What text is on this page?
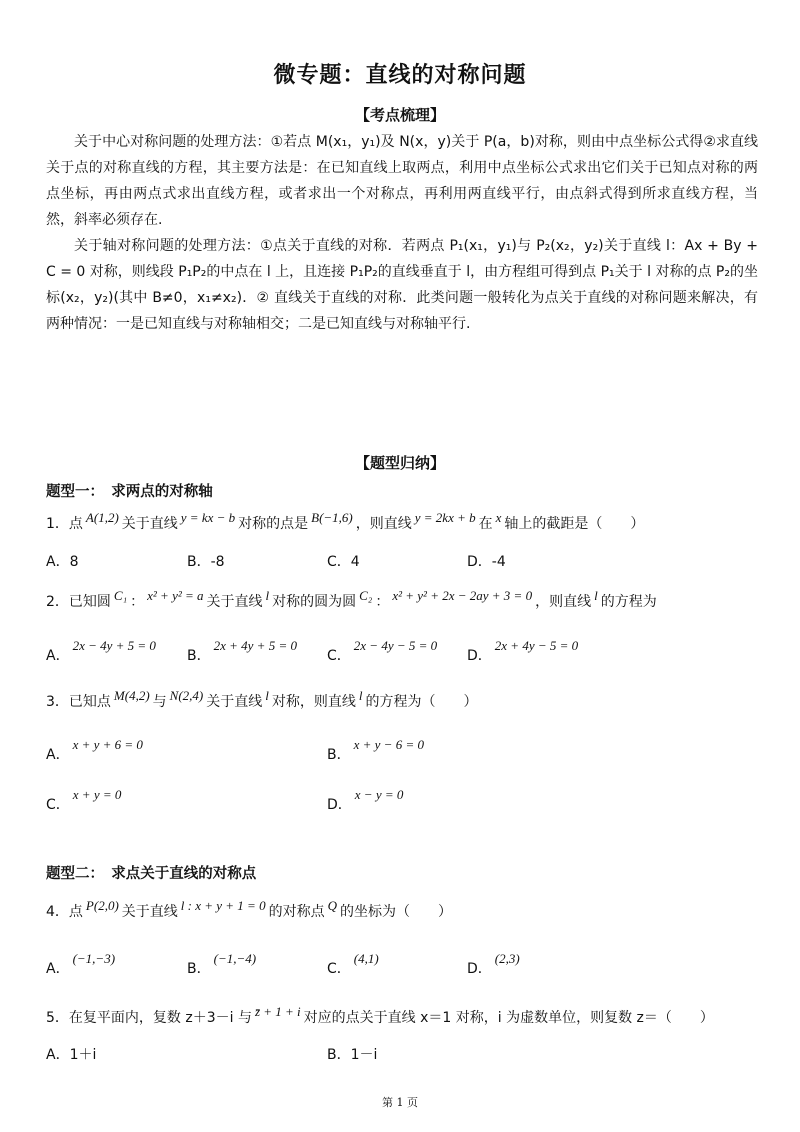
微专题：直线的对称问题
【考点梳理】

关于中心对称问题的处理方法：①若点 M(x₁，y₁)及 N(x，y)关于 P(a，b)对称，则由中点坐标公式得②求直线关于点的对称直线的方程，其主要方法是：在已知直线上取两点，利用中点坐标公式求出它们关于已知点对称的两点坐标，再由两点式求出直线方程，或者求出一个对称点，再利用两直线平行，由点斜式得到所求直线方程，当然，斜率必须存在.

关于轴对称问题的处理方法：①点关于直线的对称．若两点 P₁(x₁，y₁)与 P₂(x₂，y₂)关于直线 l：Ax + By + C = 0 对称，则线段 P₁P₂的中点在 l 上，且连接 P₁P₂的直线垂直于 l，由方程组可得到点 P₁关于 l 对称的点 P₂的坐标(x₂，y₂)(其中 B≠0，x₁≠x₂)．② 直线关于直线的对称．此类问题一般转化为点关于直线的对称问题来解决，有两种情况：一是已知直线与对称轴相交；二是已知直线与对称轴平行.

【题型归纳】
题型一：　求两点的对称轴
1．点 A(1,2) 关于直线 y = kx − b 对称的点是 B(−1,6) ，则直线 y = 2kx + b 在 x 轴上的截距是（　　）
A．8	B．-8	C．4	D．-4
2．已知圆 C₁ ： x² + y² = a 关于直线 l 对称的圆为圆 C₂ ： x² + y² + 2x − 2ay + 3 = 0 ，则直线 l 的方程为
A．2x − 4y + 5 = 0
B．2x + 4y + 5 = 0
C．2x − 4y − 5 = 0
D．2x + 4y − 5 = 0
3．已知点 M(4,2) 与 N(2,4) 关于直线 l 对称，则直线 l 的方程为（　　）
A．x + y + 6 = 0
B．x + y − 6 = 0
C．x + y = 0
D．x − y = 0
题型二：　求点关于直线的对称点
4．点 P(2,0) 关于直线 l : x + y + 1 = 0 的对称点 Q 的坐标为（　　）
A．(−1,−3)
B．(−1,−4)
C．(4,1)
D．(2,3)
5．在复平面内，复数 z＋3－i 与 z̄ + 1 + i 对应的点关于直线 x＝1 对称，i 为虚数单位，则复数 z＝（　　）
A．1＋i	B．1－i
第 1 页
